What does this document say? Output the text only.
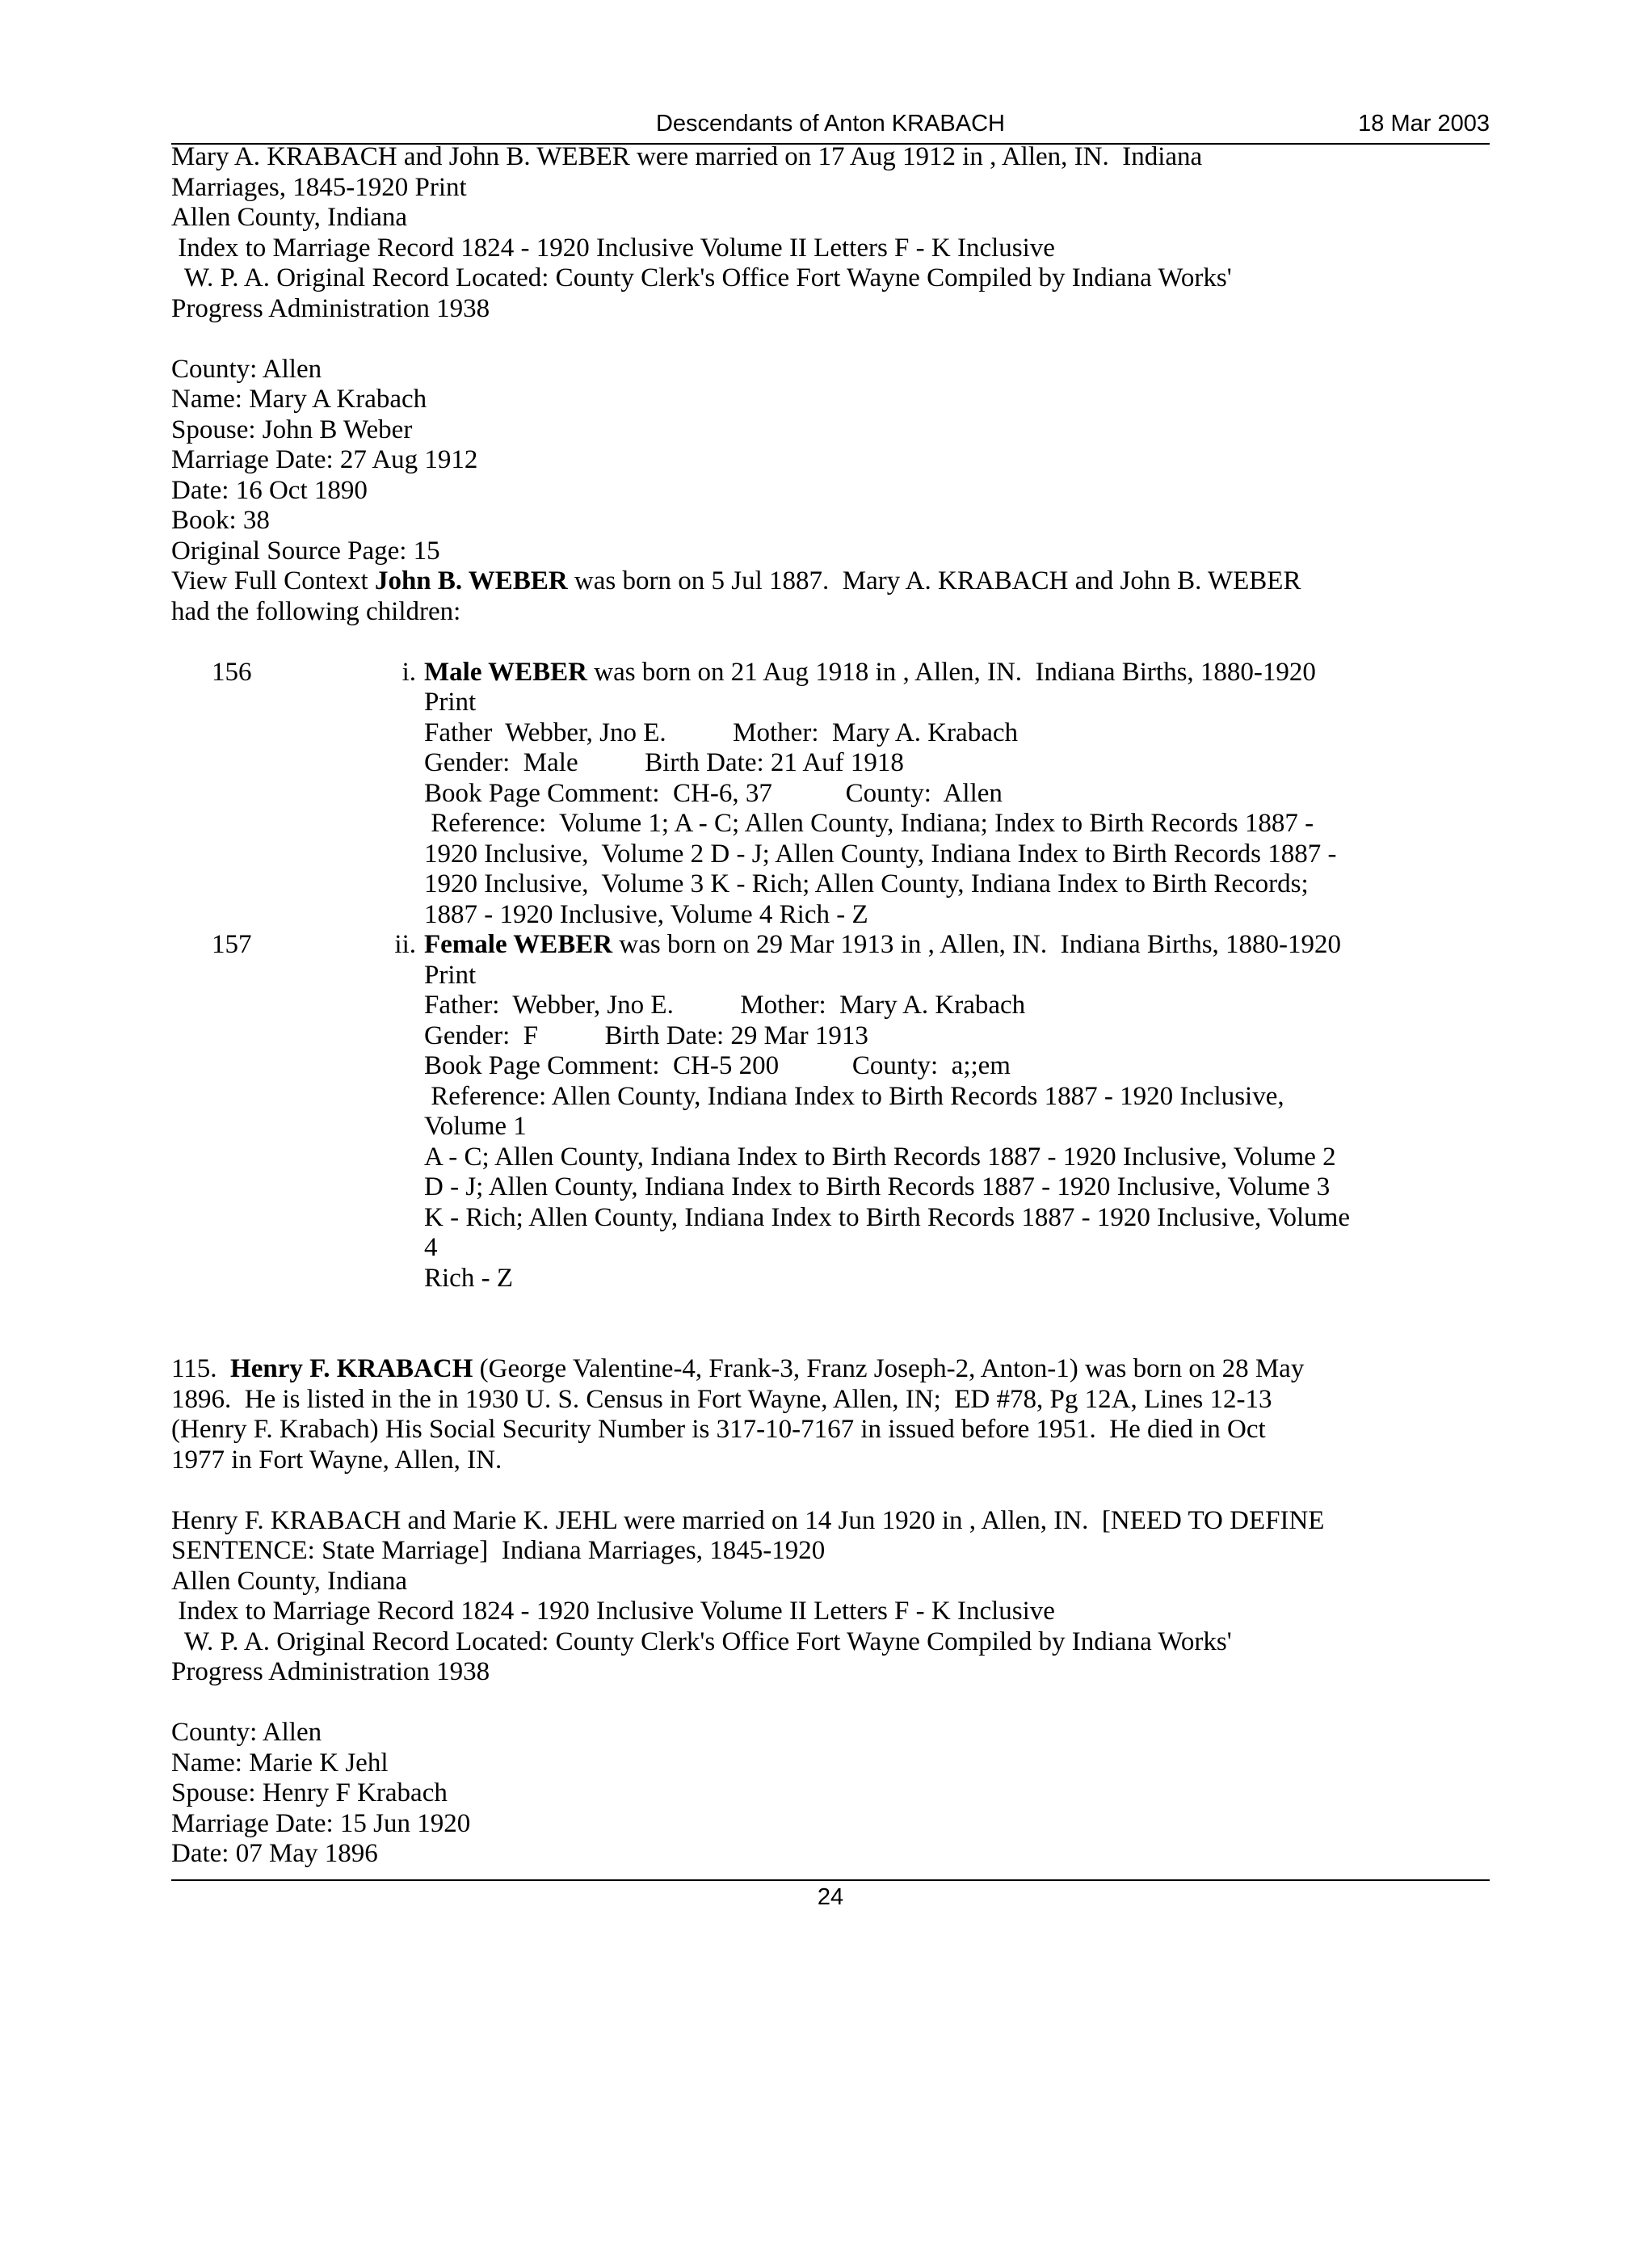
Descendants of Anton KRABACH	18 Mar 2003
Mary A. KRABACH and John B. WEBER were married on 17 Aug 1912 in , Allen, IN.  Indiana
Marriages, 1845-1920 Print
Allen County, Indiana
Index to Marriage Record 1824 - 1920 Inclusive Volume II Letters F - K Inclusive
W. P. A. Original Record Located: County Clerk's Office Fort Wayne Compiled by Indiana Works'
Progress Administration 1938
County: Allen
Name: Mary A Krabach
Spouse: John B Weber
Marriage Date: 27 Aug 1912
Date: 16 Oct 1890
Book: 38
Original Source Page: 15
View Full Context John B. WEBER was born on 5 Jul 1887.  Mary A. KRABACH and John B. WEBER
had the following children:
156	i. Male WEBER was born on 21 Aug 1918 in , Allen, IN.  Indiana Births, 1880-1920
Print
Father  Webber, Jno E.          Mother:  Mary A. Krabach
Gender:  Male          Birth Date: 21 Auf 1918
Book Page Comment:  CH-6, 37           County:  Allen
Reference:  Volume 1; A - C; Allen County, Indiana; Index to Birth Records 1887 -
1920 Inclusive,  Volume 2 D - J; Allen County, Indiana Index to Birth Records 1887 -
1920 Inclusive,  Volume 3 K - Rich; Allen County, Indiana Index to Birth Records;
1887 - 1920 Inclusive, Volume 4 Rich - Z
157	ii. Female WEBER was born on 29 Mar 1913 in , Allen, IN.  Indiana Births, 1880-1920
Print
Father:  Webber, Jno E.          Mother:  Mary A. Krabach
Gender:  F          Birth Date: 29 Mar 1913
Book Page Comment:  CH-5 200           County:  a;;em
Reference: Allen County, Indiana Index to Birth Records 1887 - 1920 Inclusive,
Volume 1
A - C; Allen County, Indiana Index to Birth Records 1887 - 1920 Inclusive, Volume 2
D - J; Allen County, Indiana Index to Birth Records 1887 - 1920 Inclusive, Volume 3
K - Rich; Allen County, Indiana Index to Birth Records 1887 - 1920 Inclusive, Volume
4
Rich - Z
115.  Henry F. KRABACH (George Valentine-4, Frank-3, Franz Joseph-2, Anton-1) was born on 28 May
1896.  He is listed in the in 1930 U. S. Census in Fort Wayne, Allen, IN;  ED #78, Pg 12A, Lines 12-13
(Henry F. Krabach) His Social Security Number is 317-10-7167 in issued before 1951.  He died in Oct
1977 in Fort Wayne, Allen, IN.
Henry F. KRABACH and Marie K. JEHL were married on 14 Jun 1920 in , Allen, IN.  [NEED TO DEFINE
SENTENCE: State Marriage]  Indiana Marriages, 1845-1920
Allen County, Indiana
Index to Marriage Record 1824 - 1920 Inclusive Volume II Letters F - K Inclusive
W. P. A. Original Record Located: County Clerk's Office Fort Wayne Compiled by Indiana Works'
Progress Administration 1938
County: Allen
Name: Marie K Jehl
Spouse: Henry F Krabach
Marriage Date: 15 Jun 1920
Date: 07 May 1896
24
